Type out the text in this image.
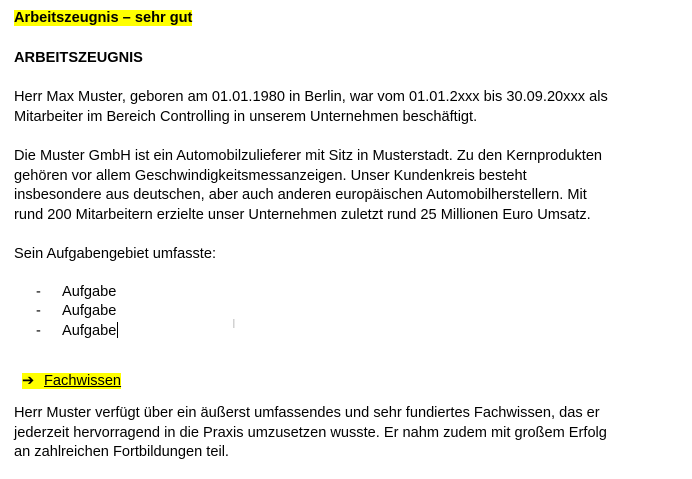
Arbeitszeugnis – sehr gut
ARBEITSZEUGNIS

Herr Max Muster, geboren am 01.01.1980 in Berlin, war vom 01.01.2xxx bis 30.09.20xxx als
Mitarbeiter im Bereich Controlling in unserem Unternehmen beschäftigt.

Die Muster GmbH ist ein Automobilzulieferer mit Sitz in Musterstadt. Zu den Kernprodukten
gehören vor allem Geschwindigkeitsmessanzeigen. Unser Kundenkreis besteht
insbesondere aus deutschen, aber auch anderen europäischen Automobilherstellern. Mit
rund 200 Mitarbeitern erzielte unser Unternehmen zuletzt rund 25 Millionen Euro Umsatz.

Sein Aufgabengebiet umfasste:

- Aufgabe
- Aufgabe
- Aufgabe	I
➔ Fachwissen

Herr Muster verfügt über ein äußerst umfassendes und sehr fundiertes Fachwissen, das er
jederzeit hervorragend in die Praxis umzusetzen wusste. Er nahm zudem mit großem Erfolg
an zahlreichen Fortbildungen teil.
